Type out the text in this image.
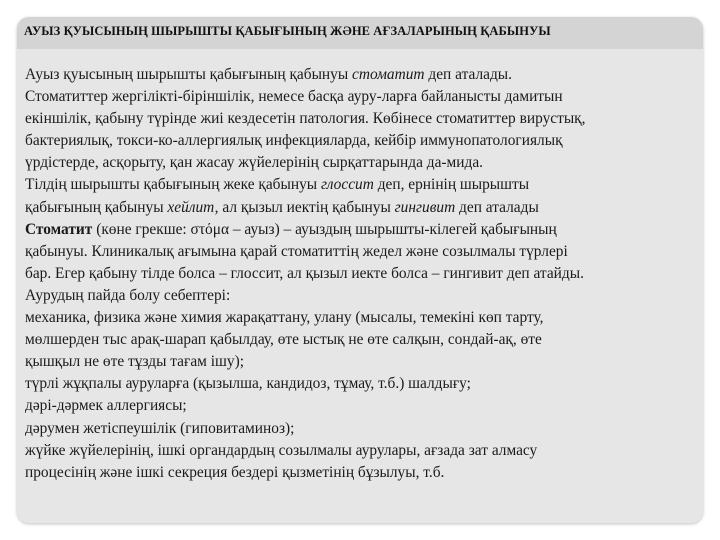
АУЫЗ ҚУЫСЫНЫҢ ШЫРЫШТЫ ҚАБЫҒЫНЫҢ ЖӘНЕ АҒЗАЛАРЫНЫҢ ҚАБЫНУЫ
Ауыз қуысының шырышты қабығының қабынуы стоматит деп аталады.
Стоматиттер жергілікті-біріншілік, немесе басқа ауру-ларға байланысты дамитын
екіншілік, қабыну түрінде жиі кездесетін патология. Көбінесе стоматиттер вирустық,
бактериялық, токси-ко-аллергиялық инфекцияларда, кейбір иммунопатологиялық
үрдістерде, асқорыту, қан жасау жүйелерінің сырқаттарында да-мида.
Тілдің шырышты қабығының жеке қабынуы глоссит деп, ернінің шырышты
қабығының қабынуы хейлит, ал қызыл иектің қабынуы гингивит деп аталады
Стоматит (көне грекше: στόμα – ауыз) – ауыздың шырышты-кілегей қабығының
қабынуы. Клиникалық ағымына қарай стоматиттің жедел және созылмалы түрлері
бар. Егер қабыну тілде болса – глоссит, ал қызыл иекте болса – гингивит деп атайды.
Аурудың пайда болу себептері:
механика, физика және химия жарақаттану, улану (мысалы, темекіні көп тарту,
мөлшерден тыс арақ-шарап қабылдау, өте ыстық не өте салқын, сондай-ақ, өте
қышқыл не өте тұзды тағам ішу);
түрлі жұқпалы ауруларға (қызылша, кандидоз, тұмау, т.б.) шалдығу;
дәрі-дәрмек аллергиясы;
дәрумен жетіспеушілік (гиповитаминоз);
жүйке жүйелерінің, ішкі органдардың созылмалы аурулары, ағзада зат алмасу
процесінің және ішкі секреция бездері қызметінің бұзылуы, т.б.
